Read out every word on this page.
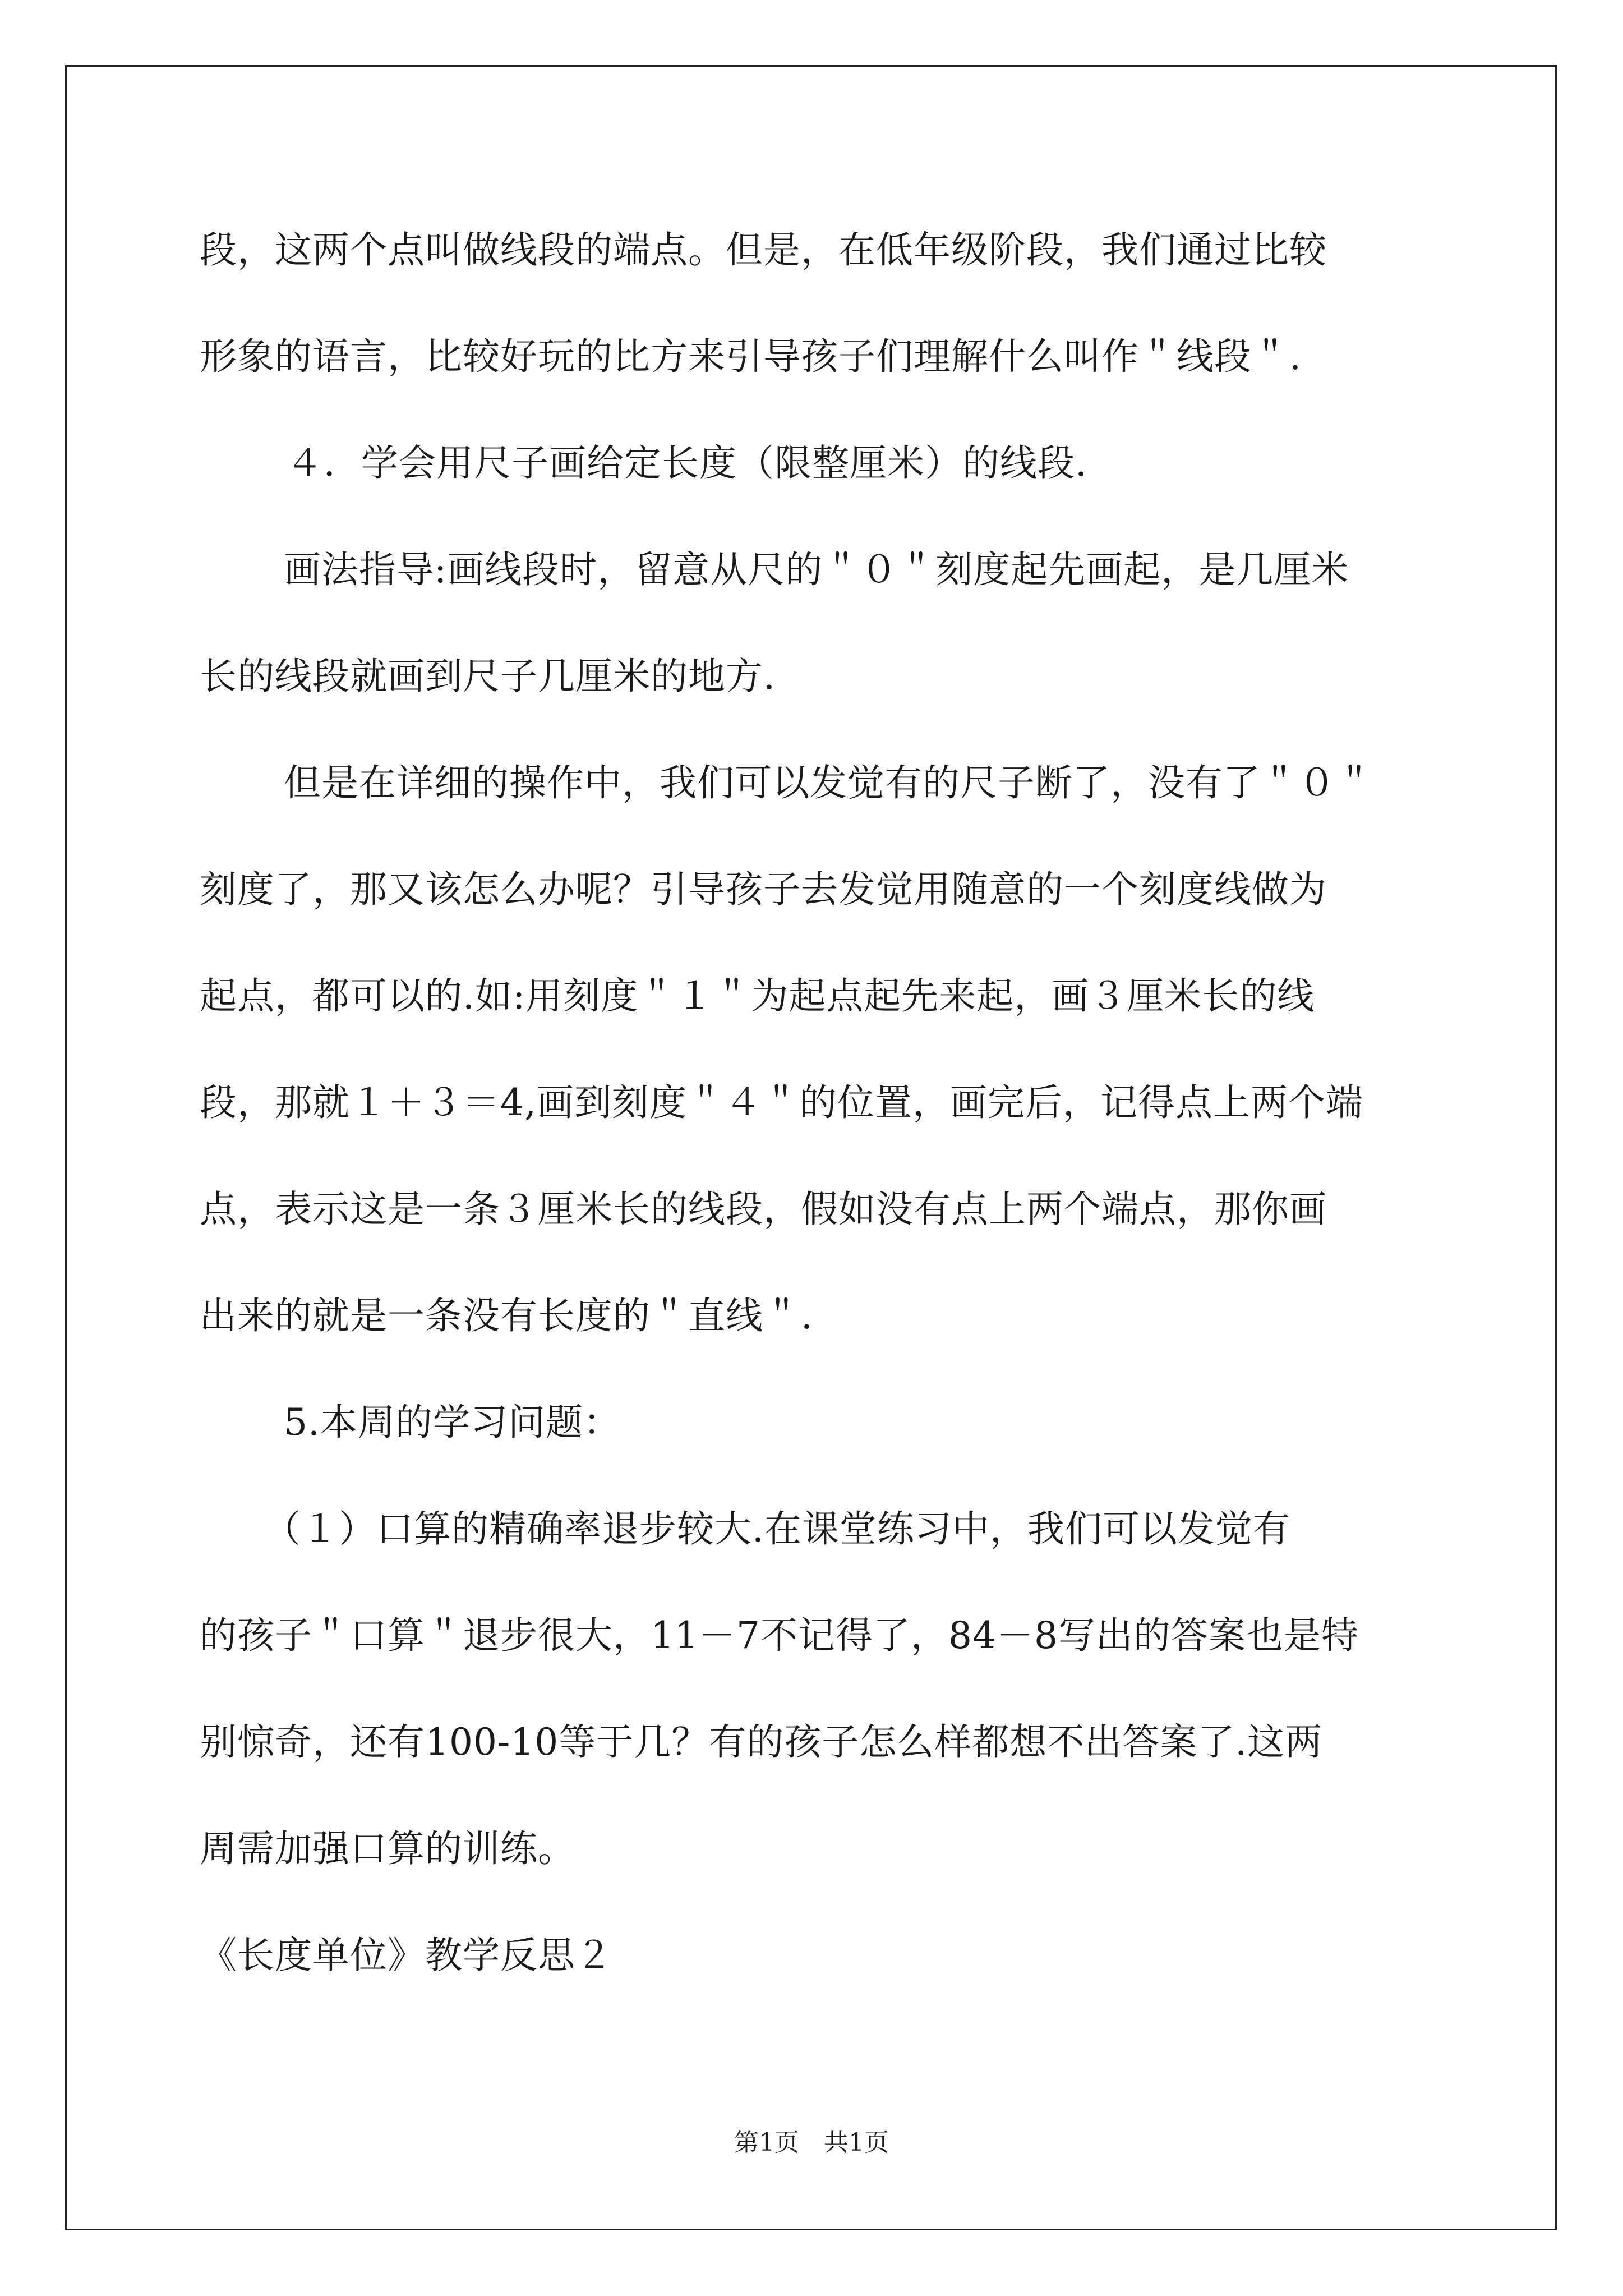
段，这两个点叫做线段的端点。但是，在低年级阶段，我们通过比较
形象的语言，比较好玩的比方来引导孩子们理解什么叫作＂线段＂.
４．学会用尺子画给定长度（限整厘米）的线段.
画法指导:画线段时，留意从尺的＂０＂刻度起先画起，是几厘米
长的线段就画到尺子几厘米的地方.
但是在详细的操作中，我们可以发觉有的尺子断了，没有了＂０＂
刻度了，那又该怎么办呢？引导孩子去发觉用随意的一个刻度线做为
起点，都可以的.如:用刻度＂１＂为起点起先来起，画３厘米长的线
段，那就１＋３＝4,画到刻度＂４＂的位置，画完后，记得点上两个端
点，表示这是一条３厘米长的线段，假如没有点上两个端点，那你画
出来的就是一条没有长度的＂直线＂.
5.本周的学习问题：
（１）口算的精确率退步较大.在课堂练习中，我们可以发觉有
的孩子＂口算＂退步很大，11－7不记得了，84－8写出的答案也是特
别惊奇，还有100-10等于几？有的孩子怎么样都想不出答案了.这两
周需加强口算的训练。
《长度单位》教学反思２
第1页　共1页
